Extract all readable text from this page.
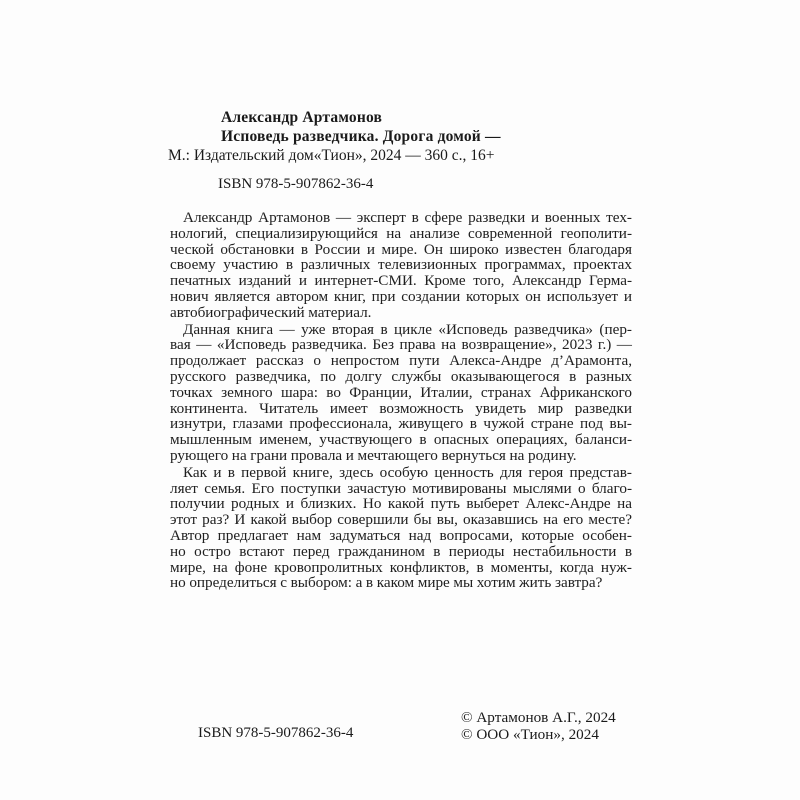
Александр Артамонов
Исповедь разведчика. Дорога домой —
М.: Издательский дом«Тион», 2024 — 360 с., 16+
ISBN 978-5-907862-36-4
Александр Артамонов — эксперт в сфере разведки и военных тех-
нологий, специализирующийся на анализе современной геополити-
ческой обстановки в России и мире. Он широко известен благодаря
своему участию в различных телевизионных программах, проектах
печатных изданий и интернет-СМИ. Кроме того, Александр Герма-
нович является автором книг, при создании которых он использует и
автобиографический материал.
Данная книга — уже вторая в цикле «Исповедь разведчика» (пер-
вая — «Исповедь разведчика. Без права на возвращение», 2023 г.) —
продолжает рассказ о непростом пути Алекса-Андре д’Арамонта,
русского разведчика, по долгу службы оказывающегося в разных
точках земного шара: во Франции, Италии, странах Африканского
континента. Читатель имеет возможность увидеть мир разведки
изнутри, глазами профессионала, живущего в чужой стране под вы-
мышленным именем, участвующего в опасных операциях, баланси-
рующего на грани провала и мечтающего вернуться на родину.
Как и в первой книге, здесь особую ценность для героя представ-
ляет семья. Его поступки зачастую мотивированы мыслями о благо-
получии родных и близких. Но какой путь выберет Алекс-Андре на
этот раз? И какой выбор совершили бы вы, оказавшись на его месте?
Автор предлагает нам задуматься над вопросами, которые особен-
но остро встают перед гражданином в периоды нестабильности в
мире, на фоне кровопролитных конфликтов, в моменты, когда нуж-
но определиться с выбором: а в каком мире мы хотим жить завтра?
ISBN 978-5-907862-36-4
© Артамонов А.Г., 2024
© ООО «Тион», 2024
